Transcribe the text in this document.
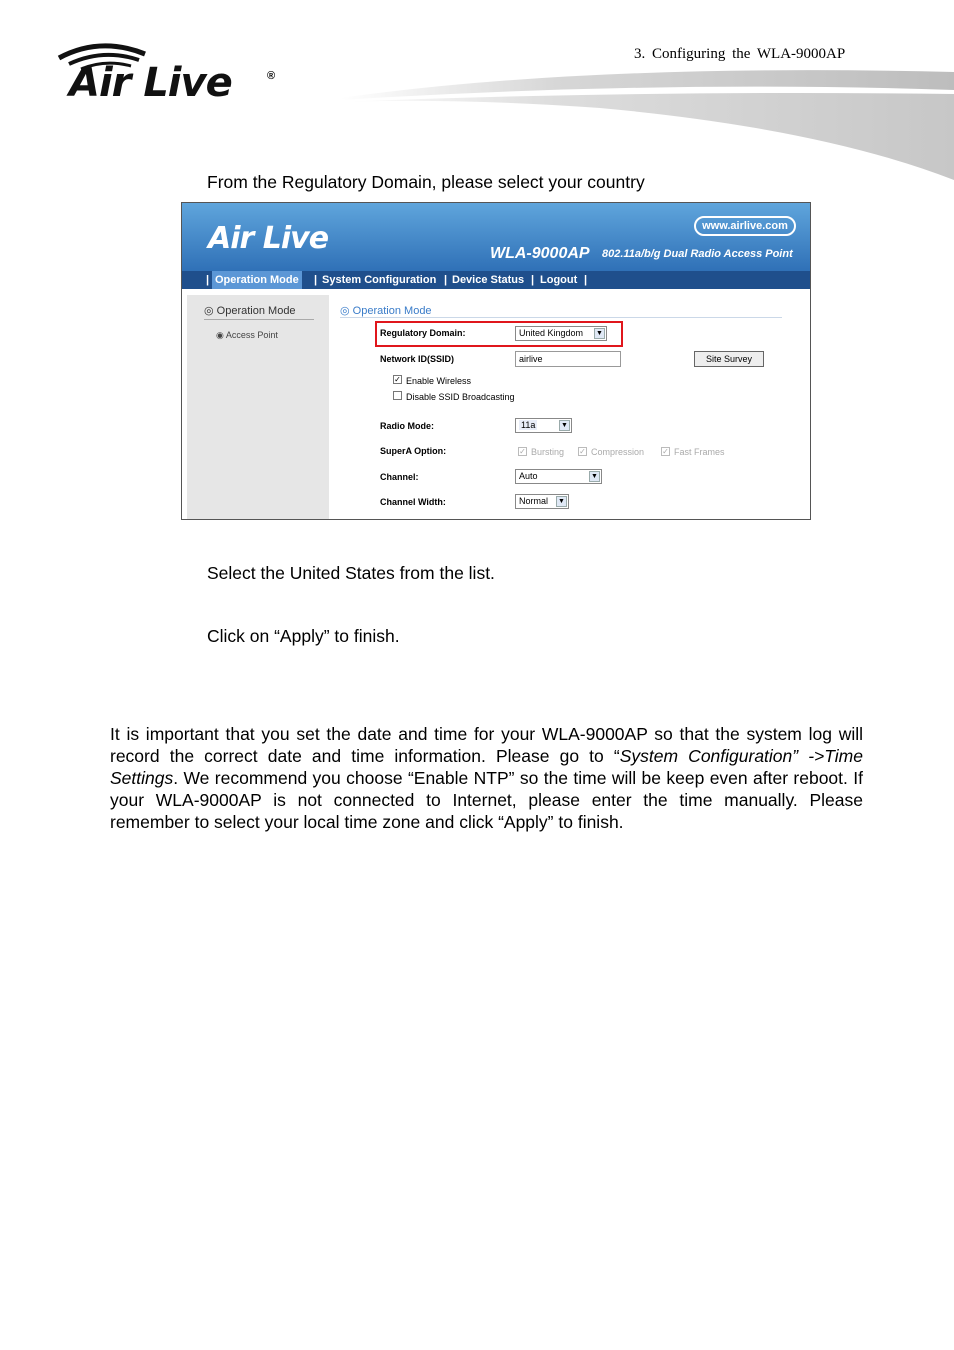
3. Configuring the WLA-9000AP
Air Live	®
From the Regulatory Domain, please select your country
Air Live	www.airlive.com
WLA-9000AP 802.11a/b/g Dual Radio Access Point
| Operation Mode | System Configuration | Device Status | Logout |
◎ Operation Mode
◉ Access Point
◎ Operation Mode
Regulatory Domain:	United Kingdom ▼
Network ID(SSID)	airlive	Site Survey
✓ Enable Wireless
Disable SSID Broadcasting
Radio Mode:	11a	▼
SuperA Option:	✓ Bursting ✓ Compression ✓ Fast Frames
Channel:	Auto	▼
Channel Width:	Normal ▼
Select the United States from the list.
Click on “Apply” to finish.
It is important that you set the date and time for your WLA-9000AP so that the system log will record the correct date and time information. Please go to “System Configuration” ->Time Settings. We recommend you choose “Enable NTP” so the time will be keep even after reboot. If your WLA-9000AP is not connected to Internet, please enter the time manually. Please remember to select your local time zone and click “Apply” to finish.
